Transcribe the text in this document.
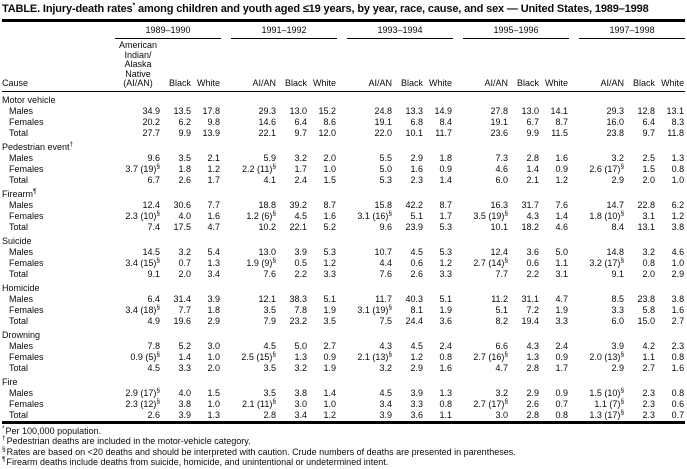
TABLE. Injury-death rates* among children and youth aged ≤19 years, by year, race, cause, and sex — United States, 1989–1998

		1989–1990				1991–1992				1993–1994				1995–1996				1997–1998		

Cause		American
Indian/
Alaska
Native
(AI/AN)	Black	White		AI/AN	Black	White		AI/AN	Black	White		AI/AN	Black	White		AI/AN	Black	White
Motor vehicle																				
Males		34.9	13.5	17.8		29.3	13.0	15.2		24.8	13.3	14.9		27.8	13.0	14.1		29.3	12.8	13.1
Females		20.2	6.2	9.8		14.6	6.4	8.6		19.1	6.8	8.4		19.1	6.7	8.7		16.0	6.4	8.3
Total		27.7	9.9	13.9		22.1	9.7	12.0		22.0	10.1	11.7		23.6	9.9	11.5		23.8	9.7	11.8
Pedestrian event†
Males		9.6	3.5	2.1		5.9	3.2	2.0		5.5	2.9	1.8		7.3	2.8	1.6		3.2	2.5	1.3
Females		3.7 (19)§	1.8	1.2		2.2 (11)§	1.7	1.0		5.0	1.6	0.9		4.6	1.4	0.9		2.6 (17)§	1.5	0.8
Total		6.7	2.6	1.7		4.1	2.4	1.5		5.3	2.3	1.4		6.0	2.1	1.2		2.9	2.0	1.0
Firearm¶
Males		12.4	30.6	7.7		18.8	39.2	8.7		15.8	42.2	8.7		16.3	31.7	7.6		14.7	22.8	6.2
Females		2.3 (10)§	4.0	1.6		1.2 (6)§	4.5	1.6		3.1 (16)§	5.1	1.7		3.5 (19)§	4.3	1.4		1.8 (10)§	3.1	1.2
Total		7.4	17.5	4.7		10.2	22.1	5.2		9.6	23.9	5.3		10.1	18.2	4.6		8.4	13.1	3.8
Suicide																				
Males		14.5	3.2	5.4		13.0	3.9	5.3		10.7	4.5	5.3		12.4	3.6	5.0		14.8	3.2	4.6
Females		3.4 (15)§	0.7	1.3		1.9 (9)§	0.5	1.2		4.4	0.6	1.2		2.7 (14)§	0.6	1.1		3.2 (17)§	0.8	1.0
Total		9.1	2.0	3.4		7.6	2.2	3.3		7.6	2.6	3.3		7.7	2.2	3.1		9.1	2.0	2.9
Homicide																				
Males		6.4	31.4	3.9		12.1	38.3	5.1		11.7	40.3	5.1		11.2	31.1	4.7		8.5	23.8	3.8
Females		3.4 (18)§	7.7	1.8		3.5	7.8	1.9		3.1 (19)§	8.1	1.9		5.1	7.2	1.9		3.3	5.8	1.6
Total		4.9	19.6	2.9		7.9	23.2	3.5		7.5	24.4	3.6		8.2	19.4	3.3		6.0	15.0	2.7
Drowning																				
Males		7.8	5.2	3.0		4.5	5.0	2.7		4.3	4.5	2.4		6.6	4.3	2.4		3.9	4.2	2.3
Females		0.9 (5)§	1.4	1.0		2.5 (15)§	1.3	0.9		2.1 (13)§	1.2	0.8		2.7 (16)§	1.3	0.9		2.0 (13)§	1.1	0.8
Total		4.5	3.3	2.0		3.5	3.2	1.9		3.2	2.9	1.6		4.7	2.8	1.7		2.9	2.7	1.6
Fire																				
Males		2.9 (17)§	4.0	1.5		3.5	3.8	1.4		4.5	3.9	1.3		3.2	2.9	0.9		1.5 (10)§	2.3	0.8
Females		2.3 (12)§	3.8	1.0		2.1 (11)§	3.0	1.0		3.4	3.3	0.8		2.7 (17)§	2.6	0.7		1.1 (7)§	2.3	0.6
Total		2.6	3.9	1.3		2.8	3.4	1.2		3.9	3.6	1.1		3.0	2.8	0.8		1.3 (17)§	2.3	0.7
*Per 100,000 population.
†Pedestrian deaths are included in the motor-vehicle category.
§Rates are based on <20 deaths and should be interpreted with caution. Crude numbers of deaths are presented in parentheses.
¶Firearm deaths include deaths from suicide, homicide, and unintentional or undetermined intent.
